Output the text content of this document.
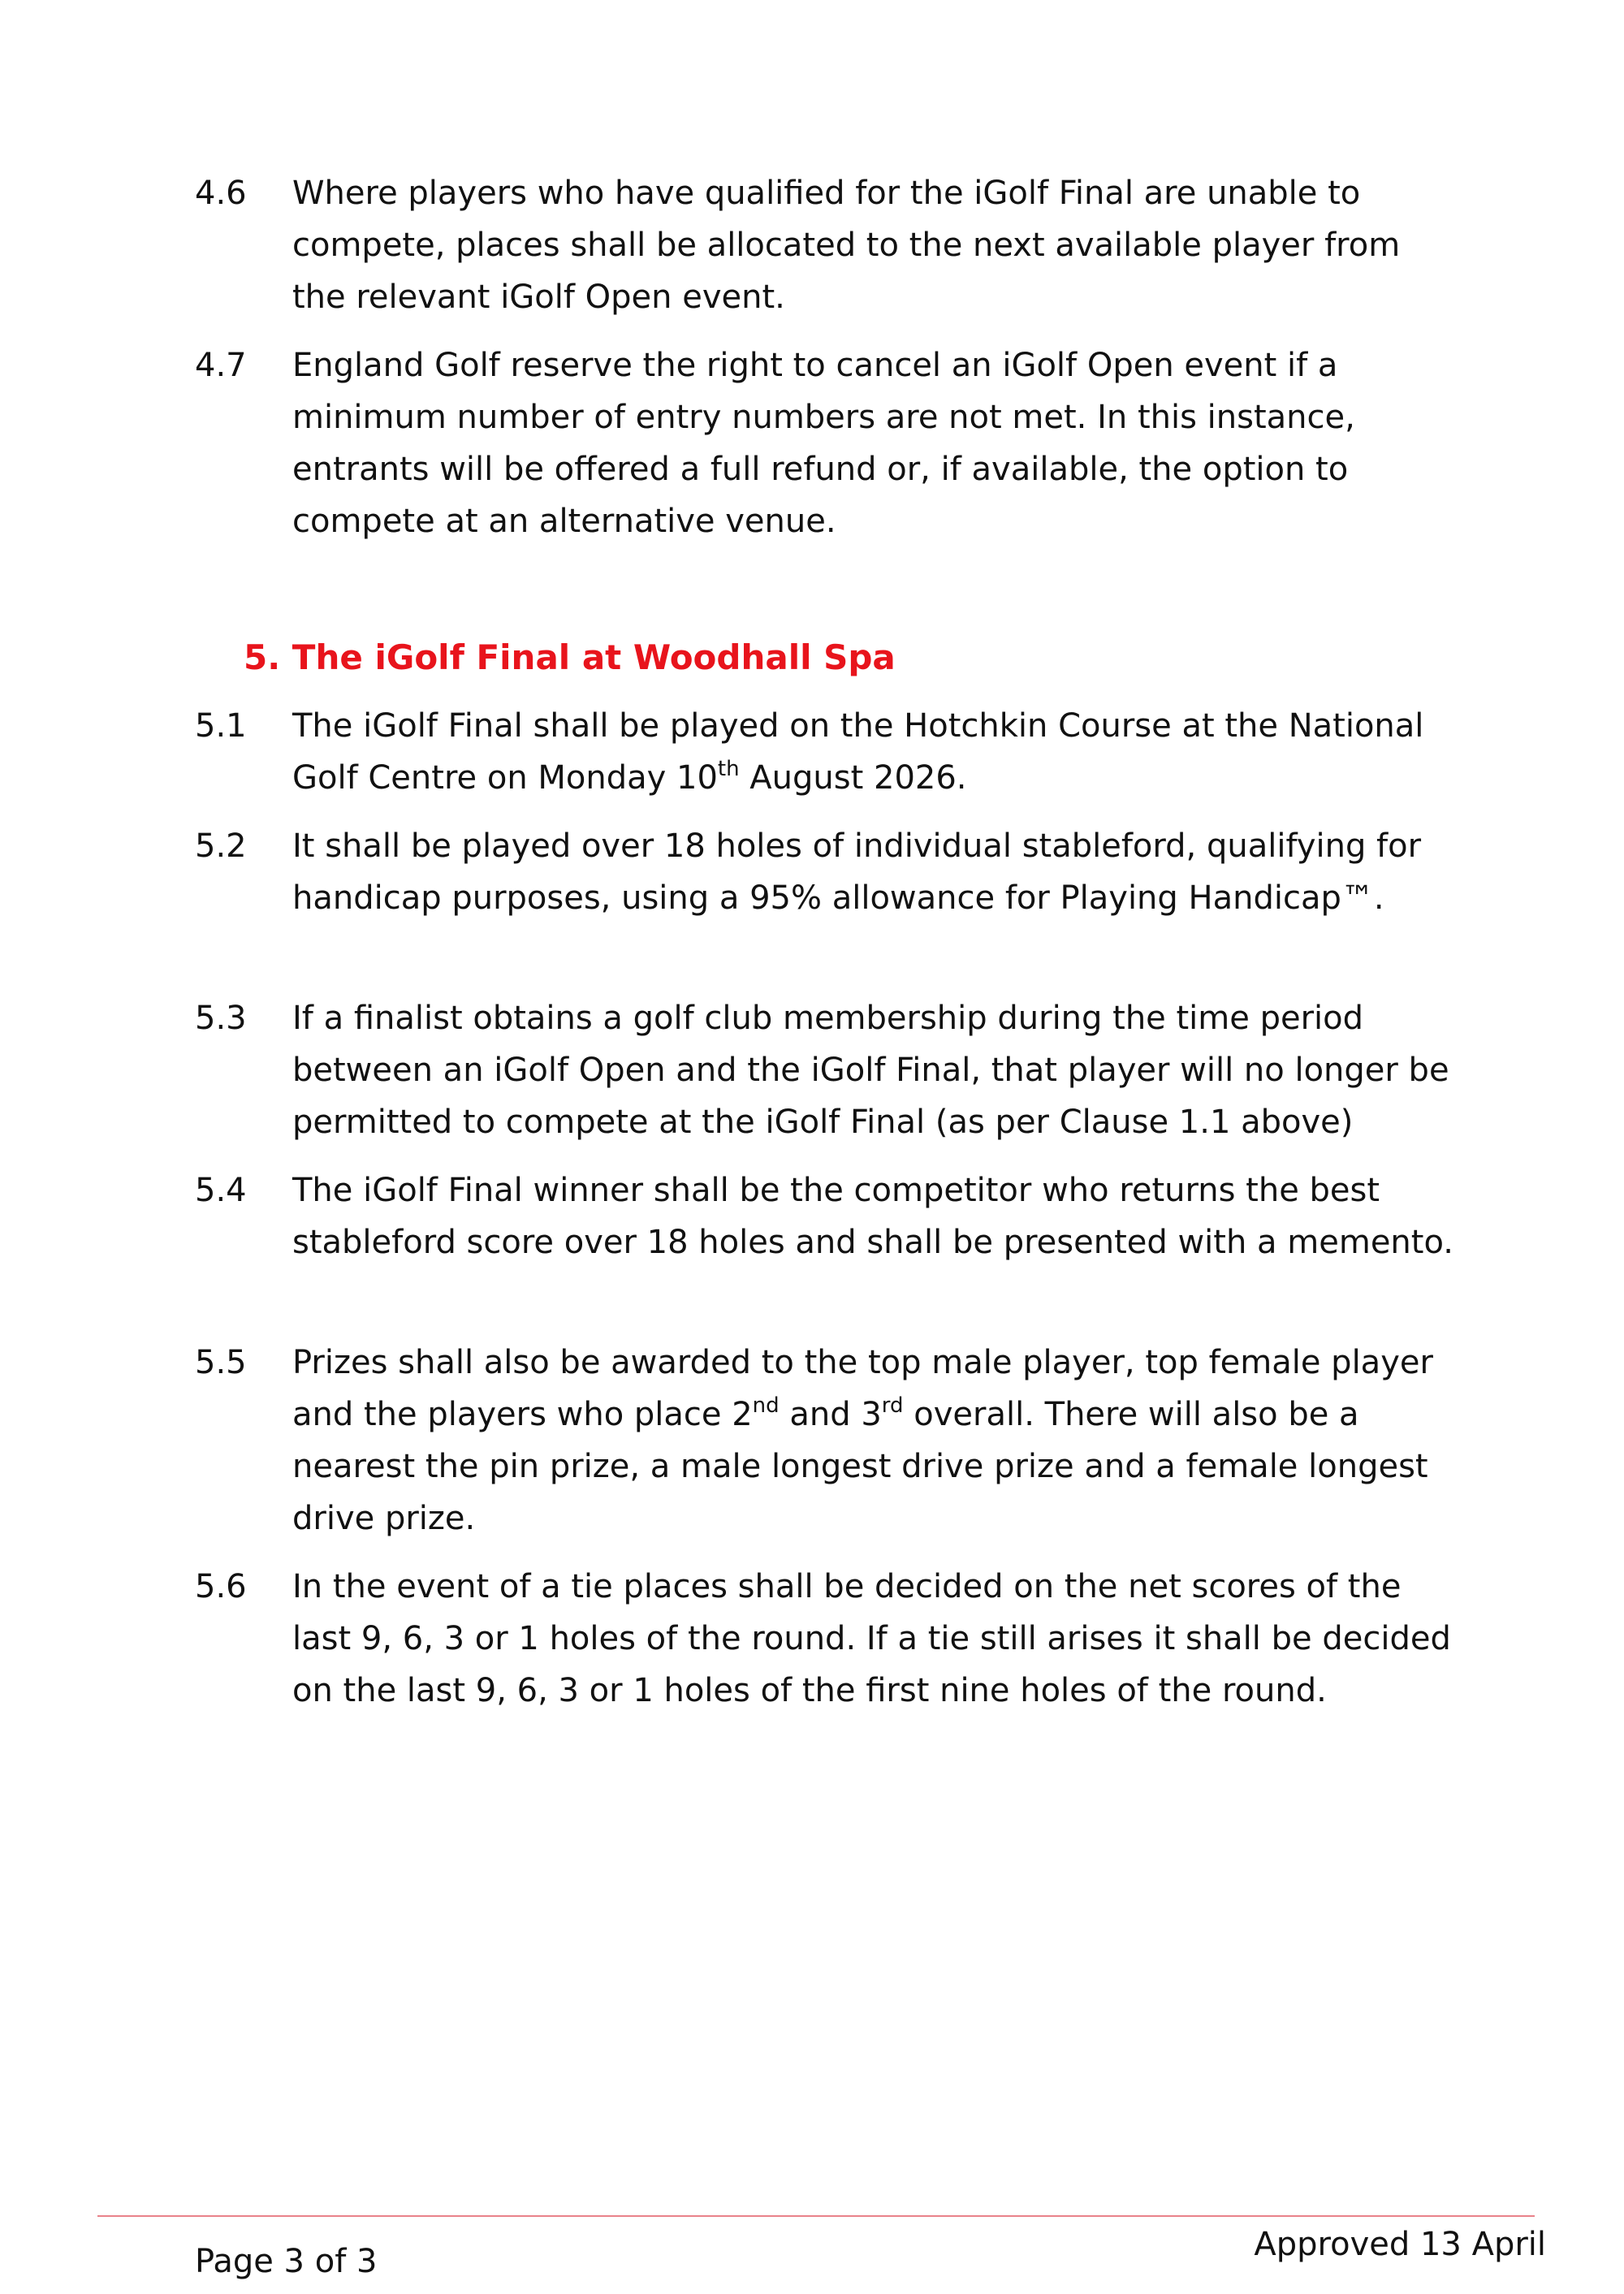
4.6 Where players who have qualified for the iGolf Final are unable to compete, places shall be allocated to the next available player from the relevant iGolf Open event.
4.7 England Golf reserve the right to cancel an iGolf Open event if a minimum number of entry numbers are not met. In this instance, entrants will be offered a full refund or, if available, the option to compete at an alternative venue.
5. The iGolf Final at Woodhall Spa
5.1 The iGolf Final shall be played on the Hotchkin Course at the National Golf Centre on Monday 10th August 2026.
5.2 It shall be played over 18 holes of individual stableford, qualifying for handicap purposes, using a 95% allowance for Playing Handicap™.
5.3 If a finalist obtains a golf club membership during the time period between an iGolf Open and the iGolf Final, that player will no longer be permitted to compete at the iGolf Final (as per Clause 1.1 above)
5.4 The iGolf Final winner shall be the competitor who returns the best stableford score over 18 holes and shall be presented with a memento.
5.5 Prizes shall also be awarded to the top male player, top female player and the players who place 2nd and 3rd overall. There will also be a nearest the pin prize, a male longest drive prize and a female longest drive prize.
5.6 In the event of a tie places shall be decided on the net scores of the last 9, 6, 3 or 1 holes of the round. If a tie still arises it shall be decided on the last 9, 6, 3 or 1 holes of the first nine holes of the round.
Page 3 of 3	Approved 13 April
